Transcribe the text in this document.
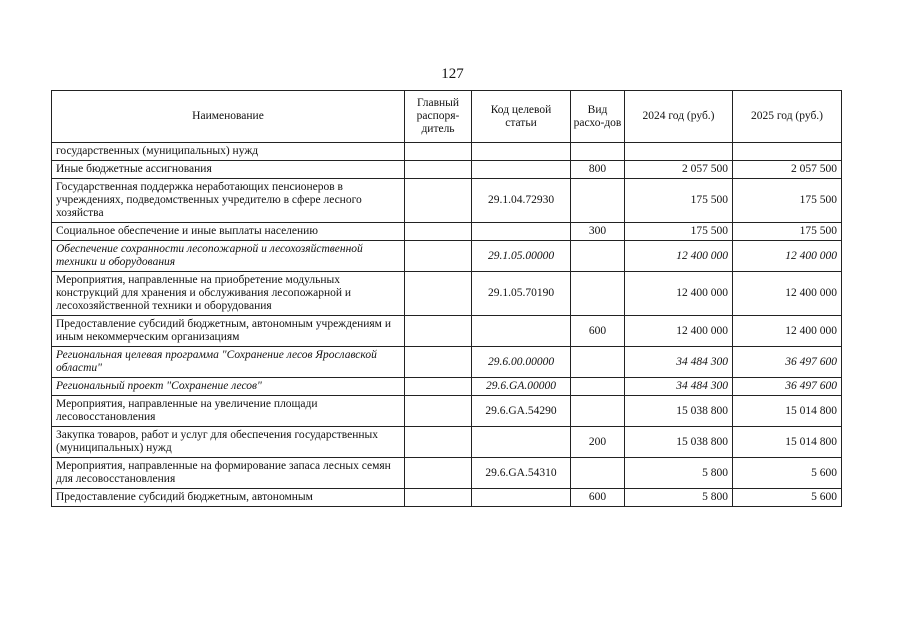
127
Наименование	Главный распоря-дитель	Код целевой статьи	Вид расхо-дов	2024 год (руб.)	2025 год (руб.)
государственных (муниципальных) нужд					
Иные бюджетные ассигнования			800	2 057 500	2 057 500
Государственная поддержка неработающих пенсионеров в учреждениях, подведомственных учредителю в сфере лесного хозяйства		29.1.04.72930		175 500	175 500
Социальное обеспечение и иные выплаты населению			300	175 500	175 500
Обеспечение сохранности лесопожарной и лесохозяйственной техники и оборудования		29.1.05.00000		12 400 000	12 400 000
Мероприятия, направленные на приобретение модульных конструкций для хранения и обслуживания лесопожарной и лесохозяйственной техники и оборудования		29.1.05.70190		12 400 000	12 400 000
Предоставление субсидий бюджетным, автономным учреждениям и иным некоммерческим организациям			600	12 400 000	12 400 000
Региональная целевая программа "Сохранение лесов Ярославской области"		29.6.00.00000		34 484 300	36 497 600
Региональный проект "Сохранение лесов"		29.6.GA.00000		34 484 300	36 497 600
Мероприятия, направленные на увеличение площади лесовосстановления		29.6.GA.54290		15 038 800	15 014 800
Закупка товаров, работ и услуг для обеспечения государственных (муниципальных) нужд			200	15 038 800	15 014 800
Мероприятия, направленные на формирование запаса лесных семян для лесовосстановления		29.6.GA.54310		5 800	5 600
Предоставление субсидий бюджетным, автономным			600	5 800	5 600
